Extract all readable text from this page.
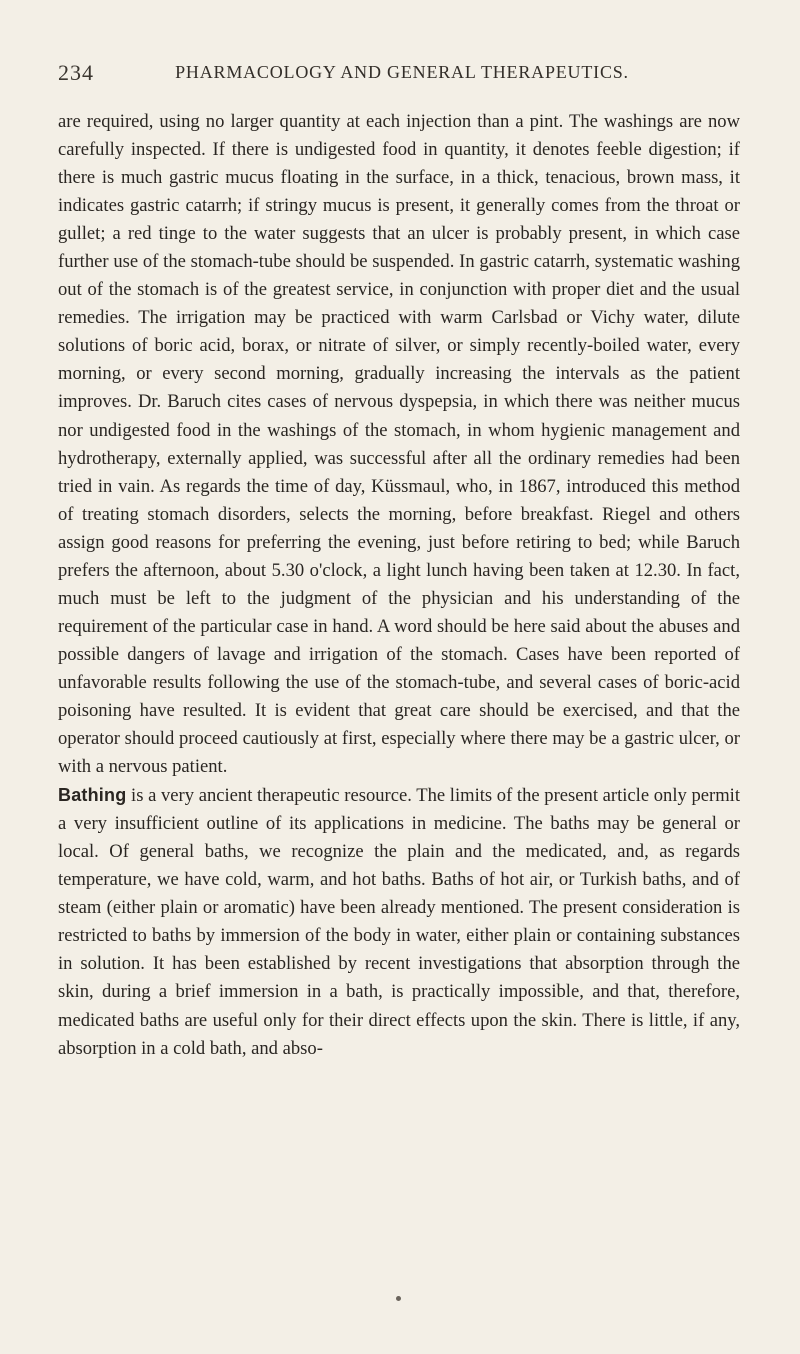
234	PHARMACOLOGY AND GENERAL THERAPEUTICS.

are required, using no larger quantity at each injection than a pint. The washings are now carefully inspected. If there is undigested food in quantity, it denotes feeble digestion; if there is much gastric mucus floating in the surface, in a thick, tenacious, brown mass, it indicates gastric catarrh; if stringy mucus is present, it generally comes from the throat or gullet; a red tinge to the water suggests that an ulcer is probably present, in which case further use of the stomach-tube should be suspended. In gastric catarrh, systematic washing out of the stomach is of the greatest service, in conjunction with proper diet and the usual remedies. The irrigation may be practiced with warm Carlsbad or Vichy water, dilute solutions of boric acid, borax, or nitrate of silver, or simply recently-boiled water, every morning, or every second morning, gradually increasing the intervals as the patient improves. Dr. Baruch cites cases of nervous dyspepsia, in which there was neither mucus nor undigested food in the washings of the stomach, in whom hygienic management and hydrotherapy, externally applied, was successful after all the ordinary remedies had been tried in vain. As regards the time of day, Küssmaul, who, in 1867, introduced this method of treating stomach disorders, selects the morning, before breakfast. Riegel and others assign good reasons for preferring the evening, just before retiring to bed; while Baruch prefers the afternoon, about 5.30 o'clock, a light lunch having been taken at 12.30. In fact, much must be left to the judgment of the physician and his understanding of the requirement of the particular case in hand. A word should be here said about the abuses and possible dangers of lavage and irrigation of the stomach. Cases have been reported of unfavorable results following the use of the stomach-tube, and several cases of boric-acid poisoning have resulted. It is evident that great care should be exercised, and that the operator should proceed cautiously at first, especially where there may be a gastric ulcer, or with a nervous patient.

Bathing is a very ancient therapeutic resource. The limits of the present article only permit a very insufficient outline of its applications in medicine. The baths may be general or local. Of general baths, we recognize the plain and the medicated, and, as regards temperature, we have cold, warm, and hot baths. Baths of hot air, or Turkish baths, and of steam (either plain or aromatic) have been already mentioned. The present consideration is restricted to baths by immersion of the body in water, either plain or containing substances in solution. It has been established by recent investigations that absorption through the skin, during a brief immersion in a bath, is practically impossible, and that, therefore, medicated baths are useful only for their direct effects upon the skin. There is little, if any, absorption in a cold bath, and abso-
